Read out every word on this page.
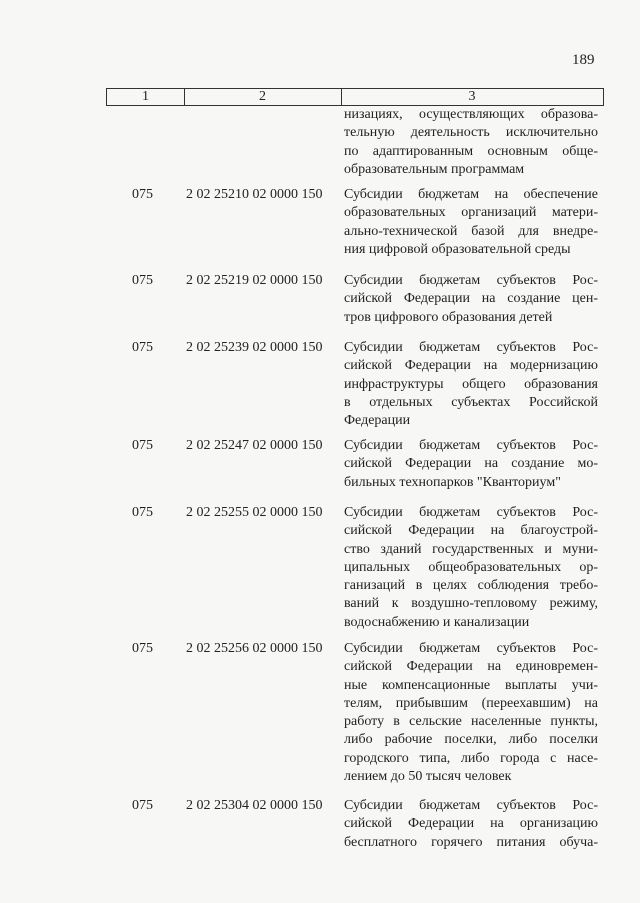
189
1	2	3
низациях, осуществляющих образова-
тельную деятельность исключительно
по адаптированным основным обще-
образовательным программам
075 2 02 25210 02 0000 150 Субсидии бюджетам на обеспечение
образовательных организаций матери-
ально-технической базой для внедре-
ния цифровой образовательной среды
075 2 02 25219 02 0000 150 Субсидии бюджетам субъектов Рос-
сийской Федерации на создание цен-
тров цифрового образования детей
075 2 02 25239 02 0000 150 Субсидии бюджетам субъектов Рос-
сийской Федерации на модернизацию
инфраструктуры общего образования
в отдельных субъектах Российской
Федерации
075 2 02 25247 02 0000 150 Субсидии бюджетам субъектов Рос-
сийской Федерации на создание мо-
бильных технопарков "Кванториум"
075 2 02 25255 02 0000 150 Субсидии бюджетам субъектов Рос-
сийской Федерации на благоустрой-
ство зданий государственных и муни-
ципальных общеобразовательных ор-
ганизаций в целях соблюдения требо-
ваний к воздушно-тепловому режиму,
водоснабжению и канализации
075 2 02 25256 02 0000 150 Субсидии бюджетам субъектов Рос-
сийской Федерации на единовремен-
ные компенсационные выплаты учи-
телям, прибывшим (переехавшим) на
работу в сельские населенные пункты,
либо рабочие поселки, либо поселки
городского типа, либо города с насе-
лением до 50 тысяч человек
075 2 02 25304 02 0000 150 Субсидии бюджетам субъектов Рос-
сийской Федерации на организацию
бесплатного горячего питания обуча-
